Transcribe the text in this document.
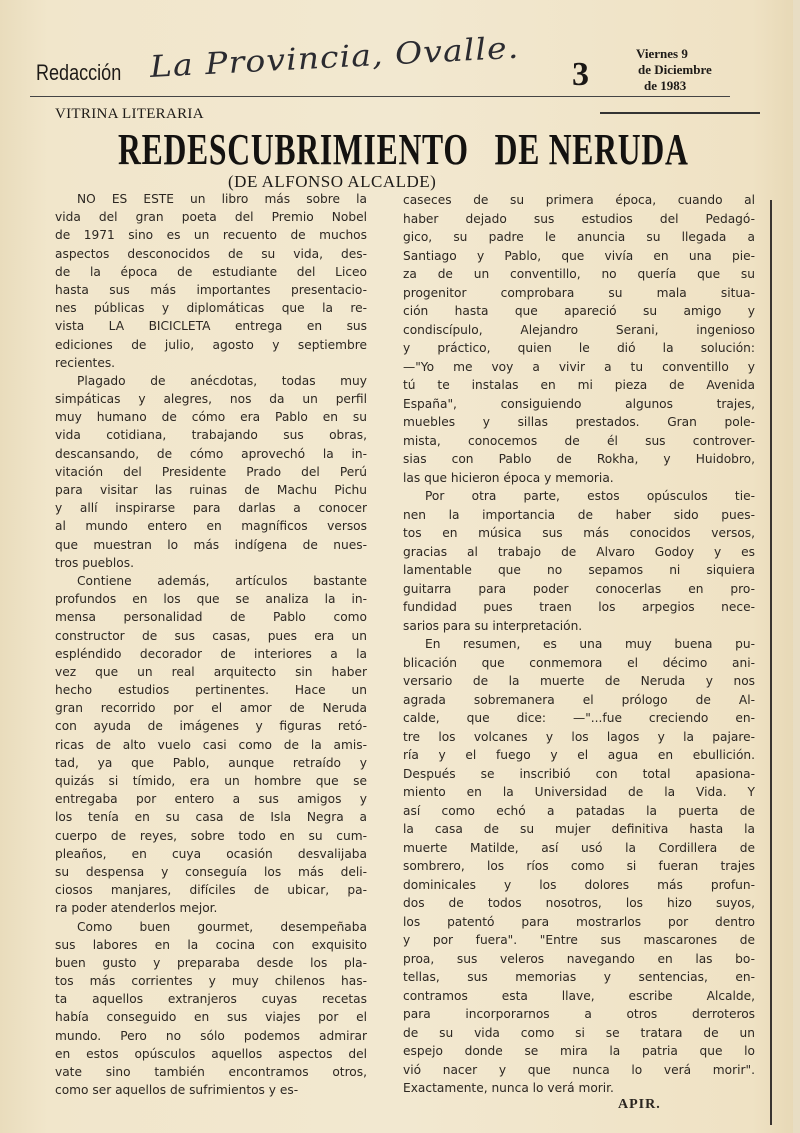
Redacción La Provincia, Ovalle. 3
Viernes 9
de Diciembre
de 1983
VITRINA LITERARIA
REDESCUBRIMIENTO   DE NERUDA
(DE ALFONSO ALCALDE)
NO ES ESTE un libro más sobre la
vida del gran poeta del Premio Nobel
de 1971 sino es un recuento de muchos
aspectos desconocidos de su vida, des-
de la época de estudiante del Liceo
hasta sus más importantes presentacio-
nes públicas y diplomáticas que la re-
vista LA BICICLETA entrega en sus
ediciones de julio, agosto y septiembre
recientes.
Plagado de anécdotas, todas muy
simpáticas y alegres, nos da un perfil
muy humano de cómo era Pablo en su
vida cotidiana, trabajando sus obras,
descansando, de cómo aprovechó la in-
vitación del Presidente Prado del Perú
para visitar las ruinas de Machu Pichu
y allí inspirarse para darlas a conocer
al mundo entero en magníficos versos
que muestran lo más indígena de nues-
tros pueblos.
Contiene además, artículos bastante
profundos en los que se analiza la in-
mensa personalidad de Pablo como
constructor de sus casas, pues era un
espléndido decorador de interiores a la
vez que un real arquitecto sin haber
hecho estudios pertinentes. Hace un
gran recorrido por el amor de Neruda
con ayuda de imágenes y figuras retó-
ricas de alto vuelo casi como de la amis-
tad, ya que Pablo, aunque retraído y
quizás si tímido, era un hombre que se
entregaba por entero a sus amigos y
los tenía en su casa de Isla Negra a
cuerpo de reyes, sobre todo en su cum-
pleaños, en cuya ocasión desvalijaba
su despensa y conseguía los más deli-
ciosos manjares, difíciles de ubicar, pa-
ra poder atenderlos mejor.
Como buen gourmet, desempeñaba
sus labores en la cocina con exquisito
buen gusto y preparaba desde los pla-
tos más corrientes y muy chilenos has-
ta aquellos extranjeros cuyas recetas
había conseguido en sus viajes por el
mundo. Pero no sólo podemos admirar
en estos opúsculos aquellos aspectos del
vate sino también encontramos otros,
como ser aquellos de sufrimientos y es-
caseces de su primera época, cuando al
haber dejado sus estudios del Pedagó-
gico, su padre le anuncia su llegada a
Santiago y Pablo, que vivía en una pie-
za de un conventillo, no quería que su
progenitor comprobara su mala situa-
ción hasta que apareció su amigo y
condiscípulo, Alejandro Serani, ingenioso
y práctico, quien le dió la solución:
—"Yo me voy a vivir a tu conventillo y
tú te instalas en mi pieza de Avenida
España", consiguiendo algunos trajes,
muebles y sillas prestados. Gran pole-
mista, conocemos de él sus controver-
sias con Pablo de Rokha, y Huidobro,
las que hicieron época y memoria.
Por otra parte, estos opúsculos tie-
nen la importancia de haber sido pues-
tos en música sus más conocidos versos,
gracias al trabajo de Alvaro Godoy y es
lamentable que no sepamos ni siquiera
guitarra para poder conocerlas en pro-
fundidad pues traen los arpegios nece-
sarios para su interpretación.
En resumen, es una muy buena pu-
blicación que conmemora el décimo ani-
versario de la muerte de Neruda y nos
agrada sobremanera el prólogo de Al-
calde, que dice: —"...fue creciendo en-
tre los volcanes y los lagos y la pajare-
ría y el fuego y el agua en ebullición.
Después se inscribió con total apasiona-
miento en la Universidad de la Vida. Y
así como echó a patadas la puerta de
la casa de su mujer definitiva hasta la
muerte Matilde, así usó la Cordillera de
sombrero, los ríos como si fueran trajes
dominicales y los dolores más profun-
dos de todos nosotros, los hizo suyos,
los patentó para mostrarlos por dentro
y por fuera". "Entre sus mascarones de
proa, sus veleros navegando en las bo-
tellas, sus memorias y sentencias, en-
contramos esta llave, escribe Alcalde,
para incorporarnos a otros derroteros
de su vida como si se tratara de un
espejo donde se mira la patria que lo
vió nacer y que nunca lo verá morir".
Exactamente, nunca lo verá morir.
APIR.
